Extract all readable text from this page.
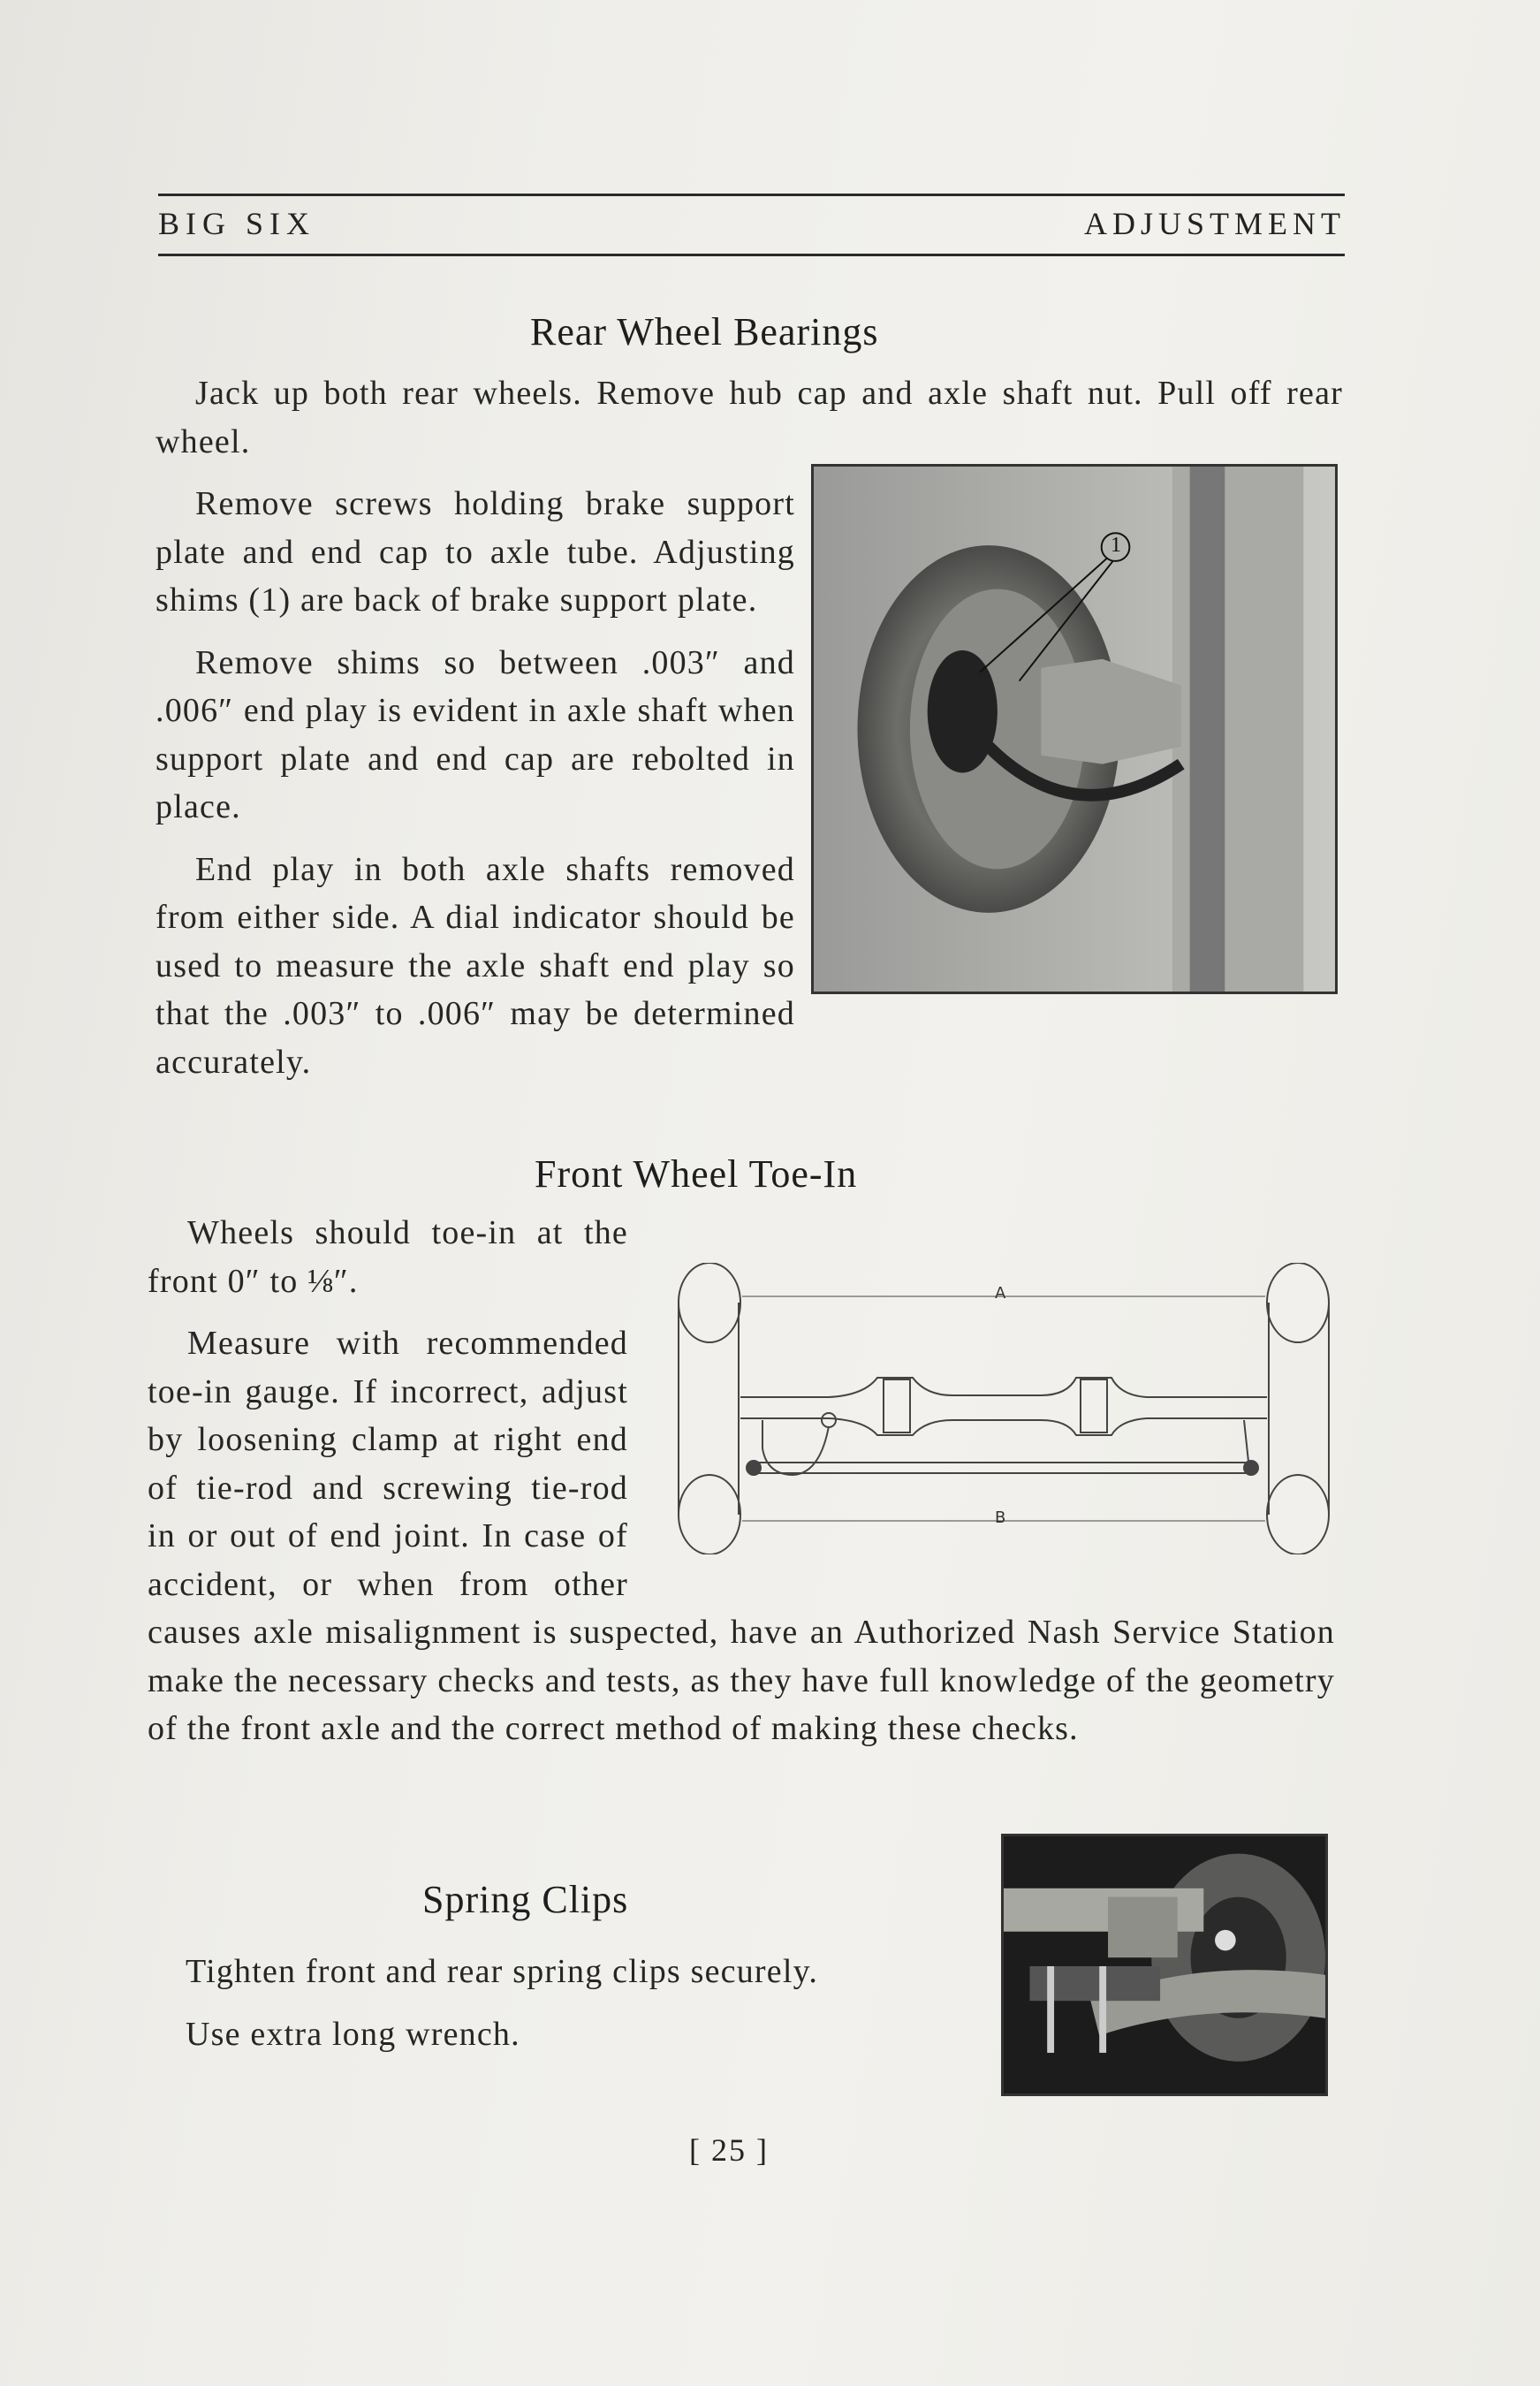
BIG SIX	ADJUSTMENT
Rear Wheel Bearings

Jack up both rear wheels. Remove hub cap and axle shaft nut. Pull off rear wheel.

Remove screws holding brake support plate and end cap to axle tube. Adjusting shims (1) are back of brake support plate.

Remove shims so between .003″ and .006″ end play is evident in axle shaft when support plate and end cap are rebolted in place.

End play in both axle shafts removed from either side. A dial indicator should be used to measure the axle shaft end play so that the .003″ to .006″ may be determined accurately.

1
Front Wheel Toe-In

Wheels should toe-in at the front 0″ to ⅛″.

Measure with recommended toe-in gauge. If incorrect, adjust by loosening clamp at right end of tie-rod and screwing tie-rod in or out of end joint. In case of accident, or when from other causes axle misalignment is suspected, have an Authorized Nash Service Station make the necessary checks and tests, as they have full knowledge of the geometry of the front axle and the correct method of making these checks.

A
B
Spring Clips

Tighten front and rear spring clips securely.

Use extra long wrench.

[ 25 ]
